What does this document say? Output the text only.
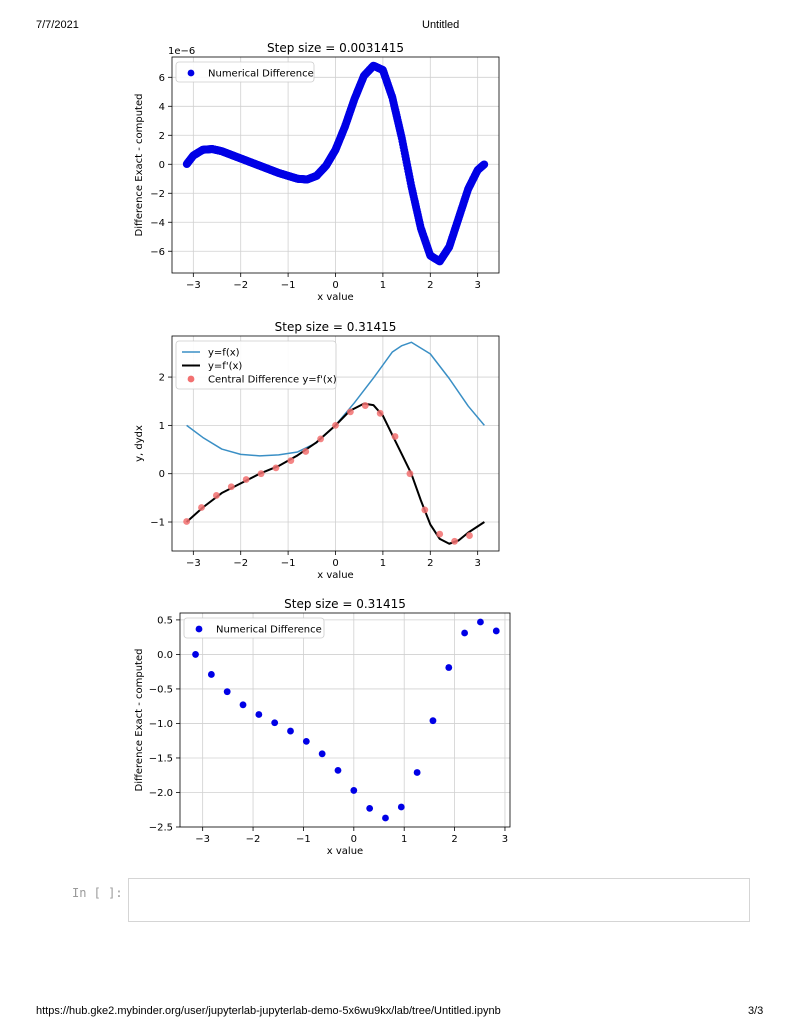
7/7/2021	Untitled
−3	−2	−1	0	1	2	3
−6
−4
−2
0
2
4
6
Step size = 0.0031415
x value
Difference Exact - computed
1e−6
Numerical Difference
−3	−2	−1	0	1	2	3
−1
0
1
2
Step size = 0.31415
x value
y, dydx
y=f(x)
y=f'(x)
Central Difference y=f'(x)
−3	−2	−1	0	1	2	3
−2.5
−2.0
−1.5
−1.0
−0.5
0.0
0.5
Step size = 0.31415
x value
Difference Exact - computed
Numerical Difference
In [ ]:
https://hub.gke2.mybinder.org/user/jupyterlab-jupyterlab-demo-5x6wu9kx/lab/tree/Untitled.ipynb	3/3
